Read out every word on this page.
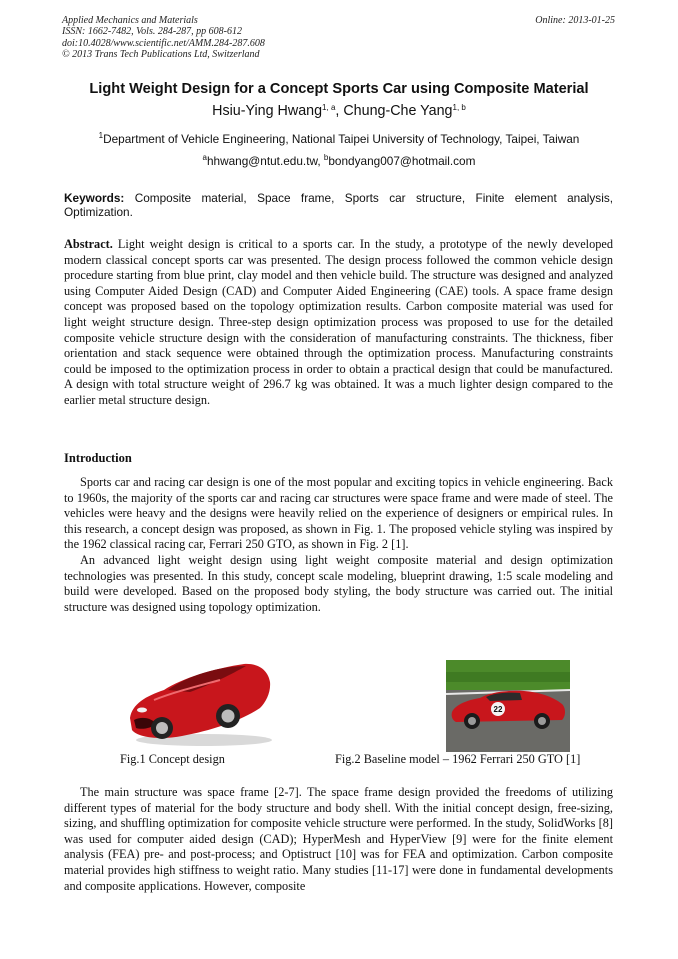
Applied Mechanics and Materials
ISSN: 1662-7482, Vols. 284-287, pp 608-612
doi:10.4028/www.scientific.net/AMM.284-287.608
© 2013 Trans Tech Publications Ltd, Switzerland
Online: 2013-01-25
Light Weight Design for a Concept Sports Car using Composite Material
Hsiu-Ying Hwang$^{1, a}$, Chung-Che Yang$^{1, b}$
$^1$Department of Vehicle Engineering, National Taipei University of Technology, Taipei, Taiwan
$^a$hhwang@ntut.edu.tw, $^b$bondyang007@hotmail.com
Keywords: Composite material, Space frame, Sports car structure, Finite element analysis, Optimization.

Abstract. Light weight design is critical to a sports car. In the study, a prototype of the newly developed modern classical concept sports car was presented. The design process followed the common vehicle design procedure starting from blue print, clay model and then vehicle build. The structure was designed and analyzed using Computer Aided Design (CAD) and Computer Aided Engineering (CAE) tools. A space frame design concept was proposed based on the topology optimization results. Carbon composite material was used for light weight structure design. Three-step design optimization process was proposed to use for the detailed composite vehicle structure design with the consideration of manufacturing constraints. The thickness, fiber orientation and stack sequence were obtained through the optimization process. Manufacturing constraints could be imposed to the optimization process in order to obtain a practical design that could be manufactured. A design with total structure weight of 296.7 kg was obtained. It was a much lighter design compared to the earlier metal structure design.

Introduction

Sports car and racing car design is one of the most popular and exciting topics in vehicle engineering. Back to 1960s, the majority of the sports car and racing car structures were space frame and were made of steel. The vehicles were heavy and the designs were heavily relied on the experience of designers or empirical rules. In this research, a concept design was proposed, as shown in Fig. 1. The proposed vehicle styling was inspired by the 1962 classical racing car, Ferrari 250 GTO, as shown in Fig. 2 [1].

An advanced light weight design using light weight composite material and design optimization technologies was presented. In this study, concept scale modeling, blueprint drawing, 1:5 scale modeling and build were developed. Based on the proposed body styling, the body structure was carried out. The initial structure was designed using topology optimization.

22
Fig.1 Concept design	Fig.2 Baseline model – 1962 Ferrari 250 GTO [1]

The main structure was space frame [2-7]. The space frame design provided the freedoms of utilizing different types of material for the body structure and body shell. With the initial concept design, free-sizing, sizing, and shuffling optimization for composite vehicle structure were performed. In the study, SolidWorks [8] was used for computer aided design (CAD); HyperMesh and HyperView [9] were for the finite element analysis (FEA) pre- and post-process; and Optistruct [10] was for FEA and optimization. Carbon composite material provides high stiffness to weight ratio. Many studies [11-17] were done in fundamental developments and composite applications. However, composite
